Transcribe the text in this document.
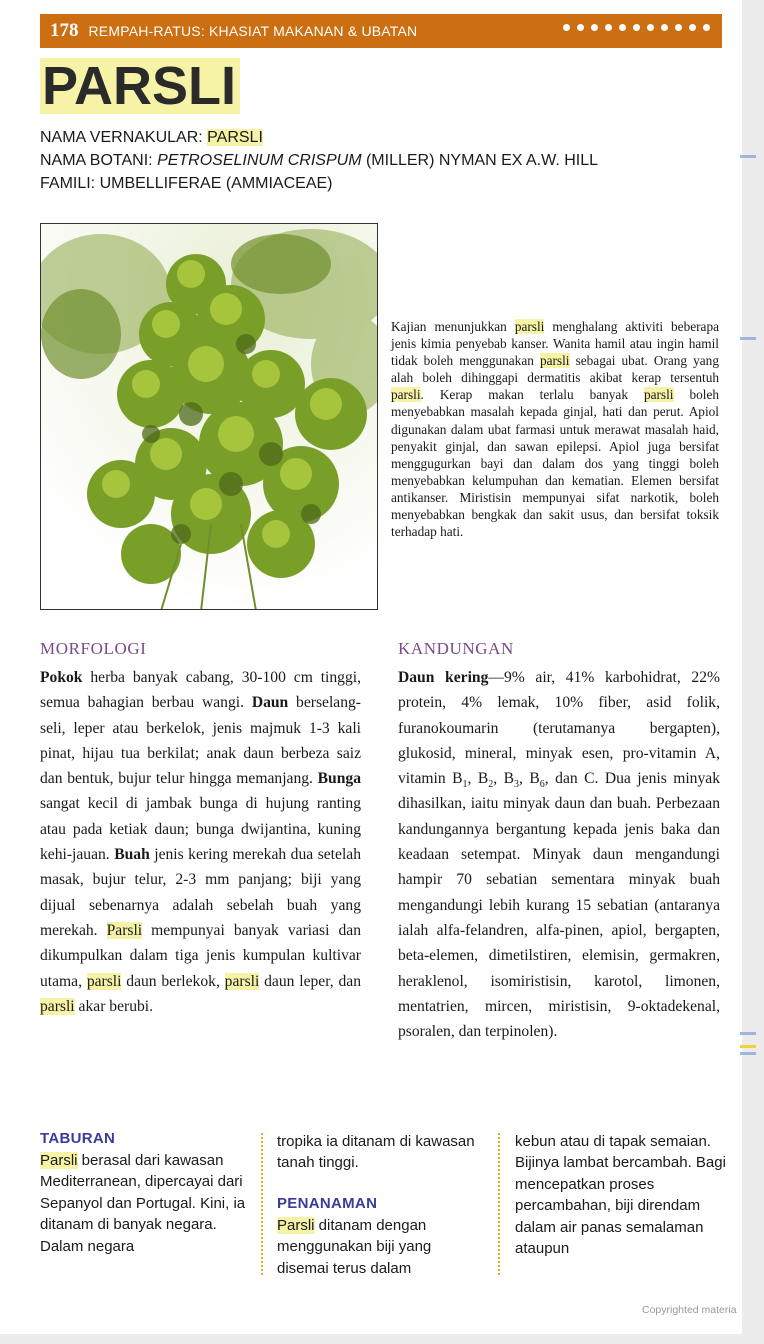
178 REMPAH-RATUS: KHASIAT MAKANAN & UBATAN
PARSLI
NAMA VERNAKULAR: PARSLI
NAMA BOTANI: PETROSELINUM CRISPUM (MILLER) NYMAN EX A.W. HILL
FAMILI: UMBELLIFERAE (AMMIACEAE)
Kajian menunjukkan parsli menghalang aktiviti beberapa jenis kimia penyebab kanser. Wanita hamil atau ingin hamil tidak boleh menggunakan parsli sebagai ubat. Orang yang alah boleh dihinggapi dermatitis akibat kerap tersentuh parsli. Kerap makan terlalu banyak parsli boleh menyebabkan masalah kepada ginjal, hati dan perut. Apiol digunakan dalam ubat farmasi untuk merawat masalah haid, penyakit ginjal, dan sawan epilepsi. Apiol juga bersifat menggugurkan bayi dan dalam dos yang tinggi boleh menyebabkan kelumpuhan dan kematian. Elemen bersifat antikanser. Miristisin mempunyai sifat narkotik, boleh menyebabkan bengkak dan sakit usus, dan bersifat toksik terhadap hati.
MORFOLOGI
Pokok herba banyak cabang, 30-100 cm tinggi, semua bahagian berbau wangi. Daun berselang-seli, leper atau berkelok, jenis majmuk 1-3 kali pinat, hijau tua berkilat; anak daun berbeza saiz dan bentuk, bujur telur hingga memanjang. Bunga sangat kecil di jambak bunga di hujung ranting atau pada ketiak daun; bunga dwijantina, kuning kehi-jauan. Buah jenis kering merekah dua setelah masak, bujur telur, 2-3 mm panjang; biji yang dijual sebenarnya adalah sebelah buah yang merekah. Parsli mempunyai banyak variasi dan dikumpulkan dalam tiga jenis kumpulan kultivar utama, parsli daun berlekok, parsli daun leper, dan parsli akar berubi.
KANDUNGAN
Daun kering—9% air, 41% karbohidrat, 22% protein, 4% lemak, 10% fiber, asid folik, furanokoumarin (terutamanya bergapten), glukosid, mineral, minyak esen, pro-vitamin A, vitamin $B_1$, $B_2$, $B_3$, $B_6$, dan C. Dua jenis minyak dihasilkan, iaitu minyak daun dan buah. Perbezaan kandungannya bergantung kepada jenis baka dan keadaan setempat. Minyak daun mengandungi hampir 70 sebatian sementara minyak buah mengandungi lebih kurang 15 sebatian (antaranya ialah alfa-felandren, alfa-pinen, apiol, bergapten, beta-elemen, dimetilstiren, elemisin, germakren, heraklenol, isomiristisin, karotol, limonen, mentatrien, mircen, miristisin, 9-oktadekenal, psoralen, dan terpinolen).
TABURAN
Parsli berasal dari kawasan Mediterranean, dipercayai dari Sepanyol dan Portugal. Kini, ia ditanam di banyak negara. Dalam negara
tropika ia ditanam di kawasan tanah tinggi.
PENANAMAN
Parsli ditanam dengan menggunakan biji yang disemai terus dalam
kebun atau di tapak semaian. Bijinya lambat bercambah. Bagi mencepatkan proses percambahan, biji direndam dalam air panas semalaman ataupun
Copyrighted materia
